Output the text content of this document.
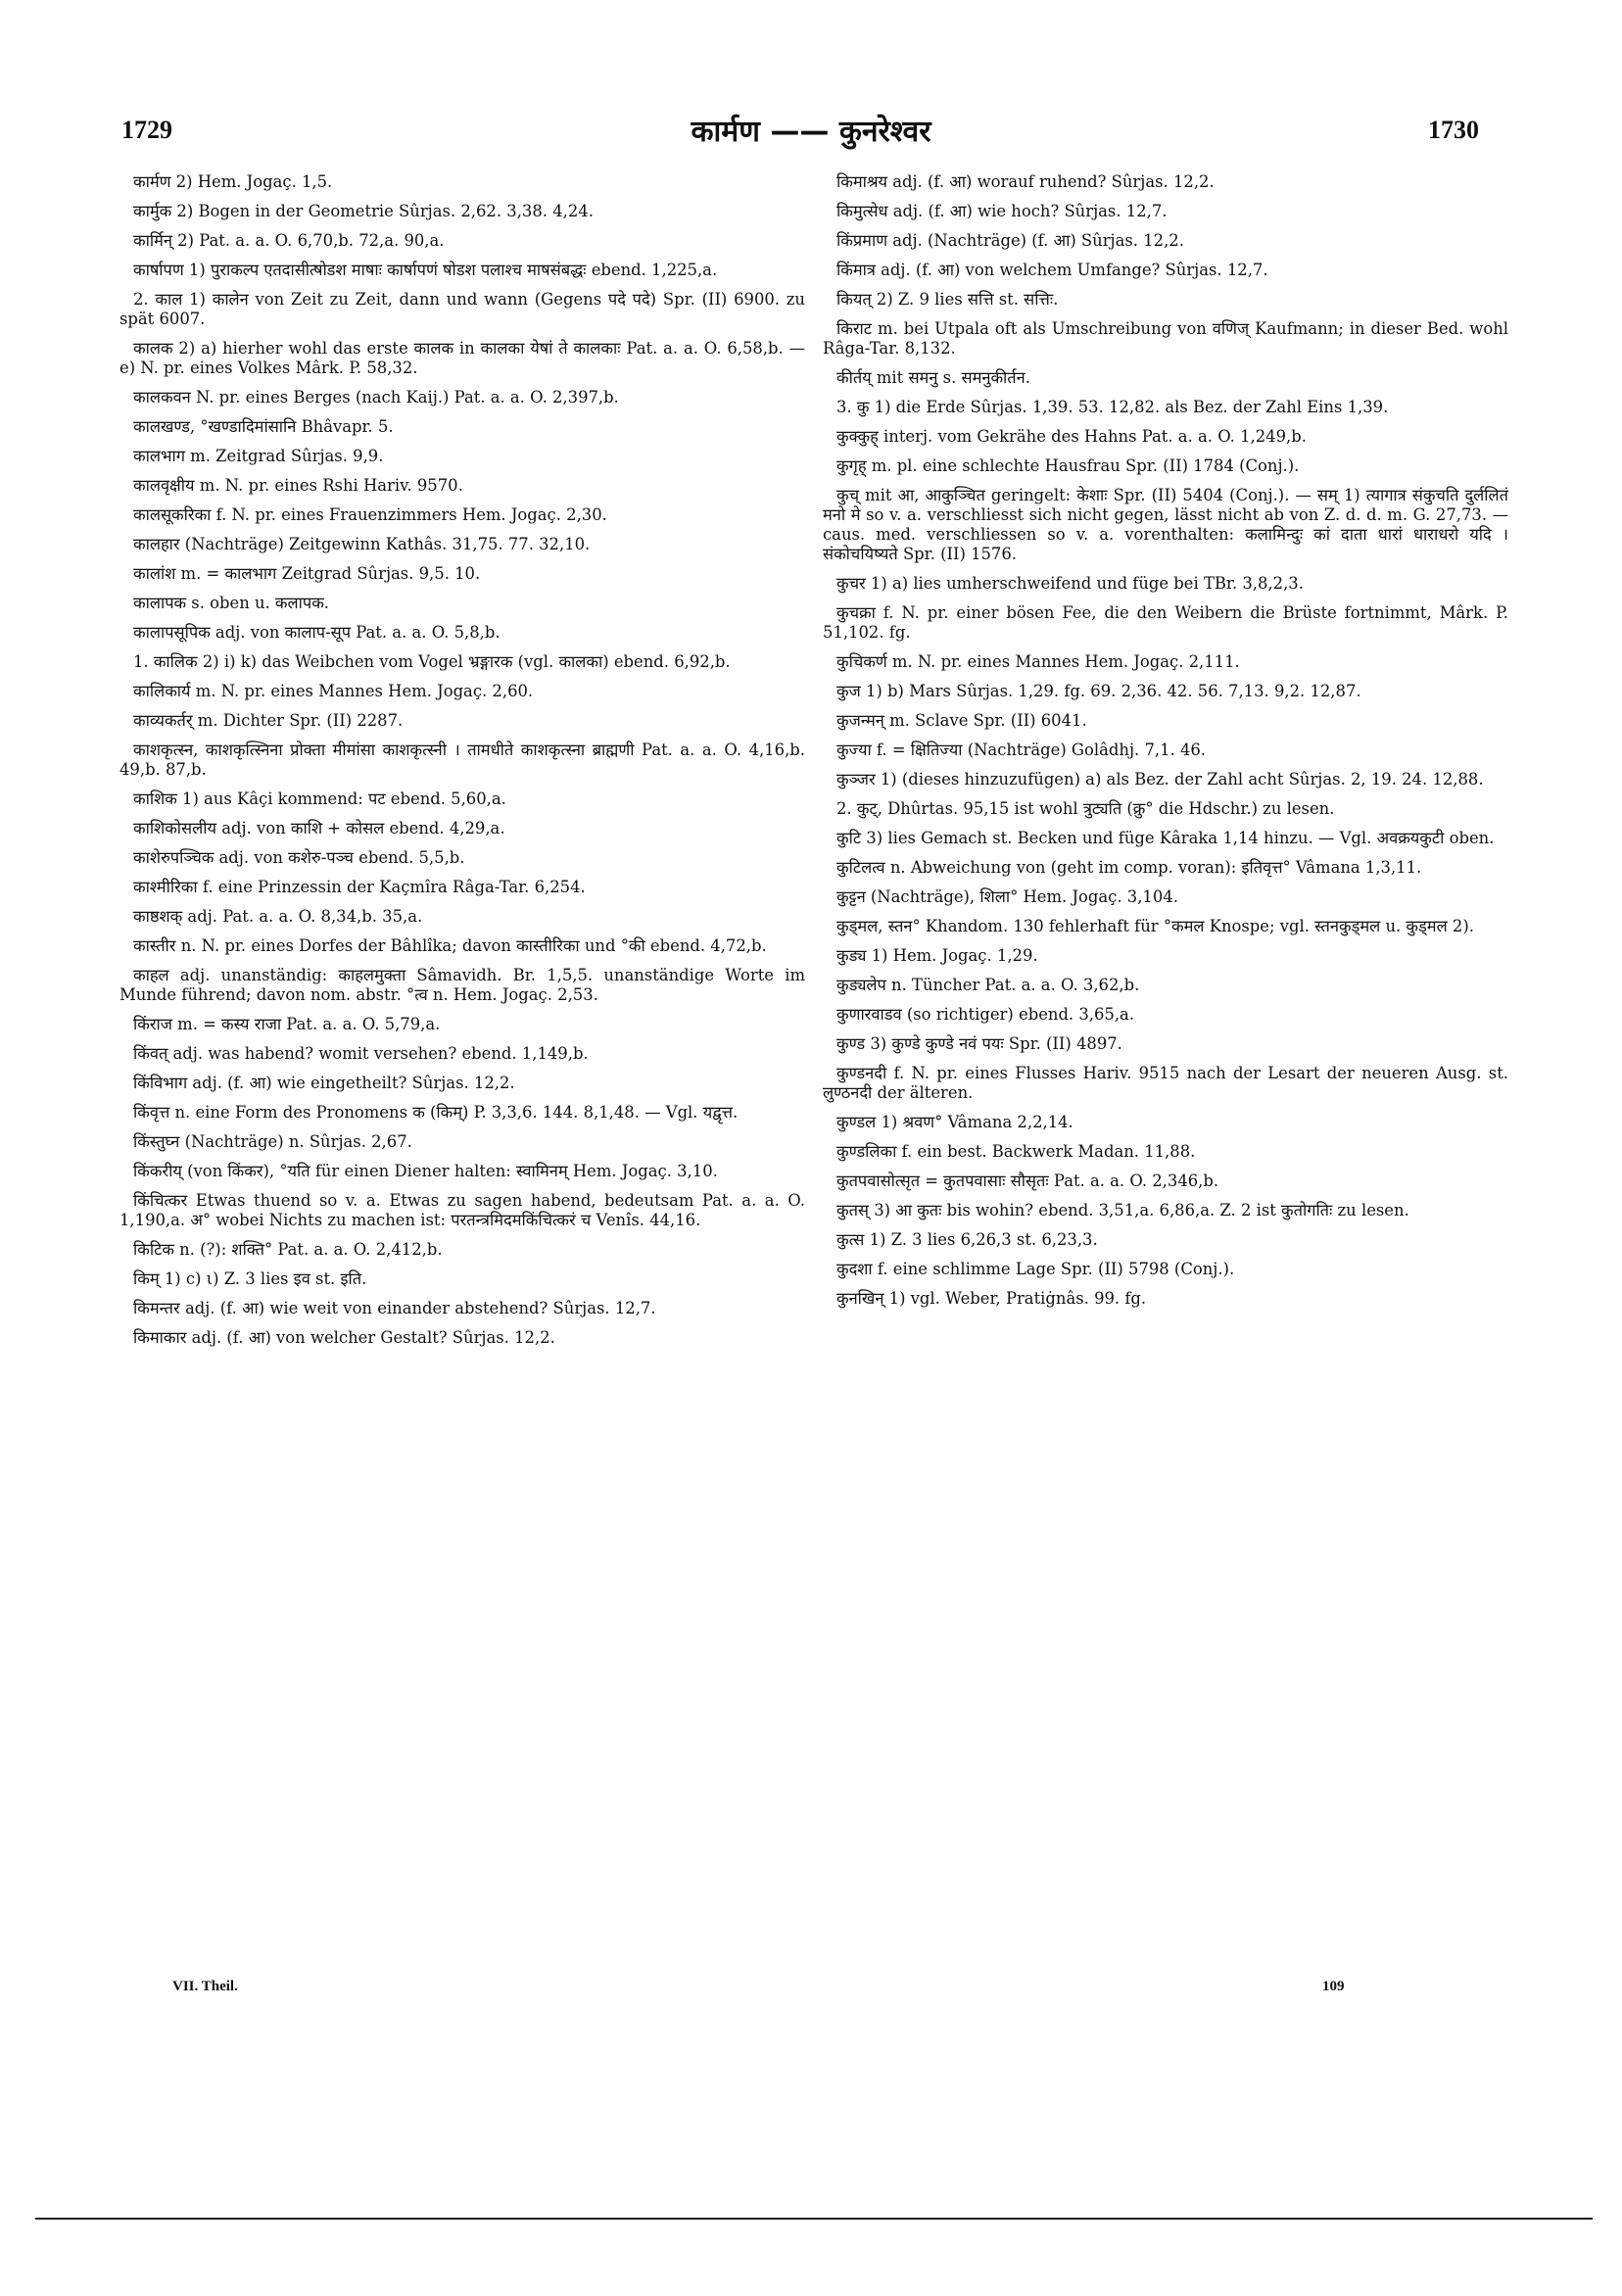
1729	कार्मण —— कुनरेश्वर	1730
कार्मण 2) Hem. Jogaç. 1,5.
कार्मुक 2) Bogen in der Geometrie Sûrjas. 2,62. 3,38. 4,24.
कार्मिन् 2) Pat. a. a. O. 6,70,b. 72,a. 90,a.
कार्षापण 1) पुराकल्प एतदासीत्षोडश माषाः कार्षापणं षोडश पलाश्च माषसंबद्धः ebend. 1,225,a.
2. काल 1) कालेन von Zeit zu Zeit, dann und wann (Gegens पदे पदे) Spr. (II) 6900. zu spät 6007.
कालक 2) a) hierher wohl das erste कालक in कालका येषां ते कालकाः Pat. a. a. O. 6,58,b. — e) N. pr. eines Volkes Mârk. P. 58,32.
कालकवन N. pr. eines Berges (nach Kaij.) Pat. a. a. O. 2,397,b.
कालखण्ड, °खण्डादिमांसानि Bhâvapr. 5.
कालभाग m. Zeitgrad Sûrjas. 9,9.
कालवृक्षीय m. N. pr. eines Rshi Hariv. 9570.
कालसूकरिका f. N. pr. eines Frauenzimmers Hem. Jogaç. 2,30.
कालहार (Nachträge) Zeitgewinn Kathâs. 31,75. 77. 32,10.
कालांश m. = कालभाग Zeitgrad Sûrjas. 9,5. 10.
कालापक s. oben u. कलापक.
कालापसूपिक adj. von कालाप-सूप Pat. a. a. O. 5,8,b.
1. कालिक 2) i) k) das Weibchen vom Vogel भ्रङ्गारक (vgl. कालका) ebend. 6,92,b.
कालिकार्य m. N. pr. eines Mannes Hem. Jogaç. 2,60.
काव्यकर्तर् m. Dichter Spr. (II) 2287.
काशकृत्स्न, काशकृत्स्निना प्रोक्ता मीमांसा काशकृत्स्नी । तामधीते काशकृत्स्ना ब्राह्मणी Pat. a. a. O. 4,16,b. 49,b. 87,b.
काशिक 1) aus Kâçi kommend: पट ebend. 5,60,a.
काशिकोसलीय adj. von काशि + कोसल ebend. 4,29,a.
काशेरुपञ्चिक adj. von कशेरु-पञ्च ebend. 5,5,b.
काश्मीरिका f. eine Prinzessin der Kaçmîra Râga-Tar. 6,254.
काष्ठशक् adj. Pat. a. a. O. 8,34,b. 35,a.
कास्तीर n. N. pr. eines Dorfes der Bâhlîka; davon कास्तीरिका und °की ebend. 4,72,b.
काहल adj. unanständig: काहलमुक्ता Sâmavidh. Br. 1,5,5. unanständige Worte im Munde führend; davon nom. abstr. °त्व n. Hem. Jogaç. 2,53.
किंराज m. = कस्य राजा Pat. a. a. O. 5,79,a.
किंवत् adj. was habend? womit versehen? ebend. 1,149,b.
किंविभाग adj. (f. आ) wie eingetheilt? Sûrjas. 12,2.
किंवृत्त n. eine Form des Pronomens क (किम्) P. 3,3,6. 144. 8,1,48. — Vgl. यद्वृत्त.
किंस्तुघ्न (Nachträge) n. Sûrjas. 2,67.
किंकरीय् (von किंकर), °यति für einen Diener halten: स्वामिनम् Hem. Jogaç. 3,10.
किंचित्कर Etwas thuend so v. a. Etwas zu sagen habend, bedeutsam Pat. a. a. O. 1,190,a. अ° wobei Nichts zu machen ist: परतन्त्रमिदमकिंचित्करं च Venîs. 44,16.
किटिक n. (?): शक्ति° Pat. a. a. O. 2,412,b.
किम् 1) c) ι) Z. 3 lies इव st. इति.
किमन्तर adj. (f. आ) wie weit von einander abstehend? Sûrjas. 12,7.
किमाकार adj. (f. आ) von welcher Gestalt? Sûrjas. 12,2.
किमाश्रय adj. (f. आ) worauf ruhend? Sûrjas. 12,2.
किमुत्सेध adj. (f. आ) wie hoch? Sûrjas. 12,7.
किंप्रमाण adj. (Nachträge) (f. आ) Sûrjas. 12,2.
किंमात्र adj. (f. आ) von welchem Umfange? Sûrjas. 12,7.
कियत् 2) Z. 9 lies सत्ति st. सत्तिः.
किराट m. bei Utpala oft als Umschreibung von वणिज् Kaufmann; in dieser Bed. wohl Râga-Tar. 8,132.
कीर्तय् mit समनु s. समनुकीर्तन.
3. कु 1) die Erde Sûrjas. 1,39. 53. 12,82. als Bez. der Zahl Eins 1,39.
कुक्कुह् interj. vom Gekrähe des Hahns Pat. a. a. O. 1,249,b.
कुगृह् m. pl. eine schlechte Hausfrau Spr. (II) 1784 (Conj.).
कुच् mit आ, आकुञ्चित geringelt: केशाः Spr. (II) 5404 (Conj.). — सम् 1) त्यागात्र संकुचति दुर्ललितं मनो मे so v. a. verschliesst sich nicht gegen, lässt nicht ab von Z. d. d. m. G. 27,73. — caus. med. verschliessen so v. a. vorenthalten: कलामिन्दुः कां दाता धारां धाराधरो यदि । संकोचयिष्यते Spr. (II) 1576.
कुचर 1) a) lies umherschweifend und füge bei TBr. 3,8,2,3.
कुचक्रा f. N. pr. einer bösen Fee, die den Weibern die Brüste fortnimmt, Mârk. P. 51,102. fg.
कुचिकर्ण m. N. pr. eines Mannes Hem. Jogaç. 2,111.
कुज 1) b) Mars Sûrjas. 1,29. fg. 69. 2,36. 42. 56. 7,13. 9,2. 12,87.
कुजन्मन् m. Sclave Spr. (II) 6041.
कुज्या f. = क्षितिज्या (Nachträge) Golâdhj. 7,1. 46.
कुञ्जर 1) (dieses hinzuzufügen) a) als Bez. der Zahl acht Sûrjas. 2, 19. 24. 12,88.
2. कुट्, Dhûrtas. 95,15 ist wohl त्रुट्यति (क्रु° die Hdschr.) zu lesen.
कुटि 3) lies Gemach st. Becken und füge Kâraka 1,14 hinzu. — Vgl. अवक्रयकुटी oben.
कुटिलत्व n. Abweichung von (geht im comp. voran): इतिवृत्त° Vâmana 1,3,11.
कुट्टन (Nachträge), शिला° Hem. Jogaç. 3,104.
कुड्मल, स्तन° Khandom. 130 fehlerhaft für °कमल Knospe; vgl. स्तनकुड्मल u. कुड्मल 2).
कुड्य 1) Hem. Jogaç. 1,29.
कुड्यलेप n. Tüncher Pat. a. a. O. 3,62,b.
कुणारवाडव (so richtiger) ebend. 3,65,a.
कुण्ड 3) कुण्डे कुण्डे नवं पयः Spr. (II) 4897.
कुण्डनदी f. N. pr. eines Flusses Hariv. 9515 nach der Lesart der neueren Ausg. st. लुण्ठनदी der älteren.
कुण्डल 1) श्रवण° Vâmana 2,2,14.
कुण्डलिका f. ein best. Backwerk Madan. 11,88.
कुतपवासोत्सृत = कुतपवासाः सौसृतः Pat. a. a. O. 2,346,b.
कुतस् 3) आ कुतः bis wohin? ebend. 3,51,a. 6,86,a. Z. 2 ist कुतोगतिः zu lesen.
कुत्स 1) Z. 3 lies 6,26,3 st. 6,23,3.
कुदशा f. eine schlimme Lage Spr. (II) 5798 (Conj.).
कुनखिन् 1) vgl. Weber, Pratiġnâs. 99. fg.
VII. Theil.	109
